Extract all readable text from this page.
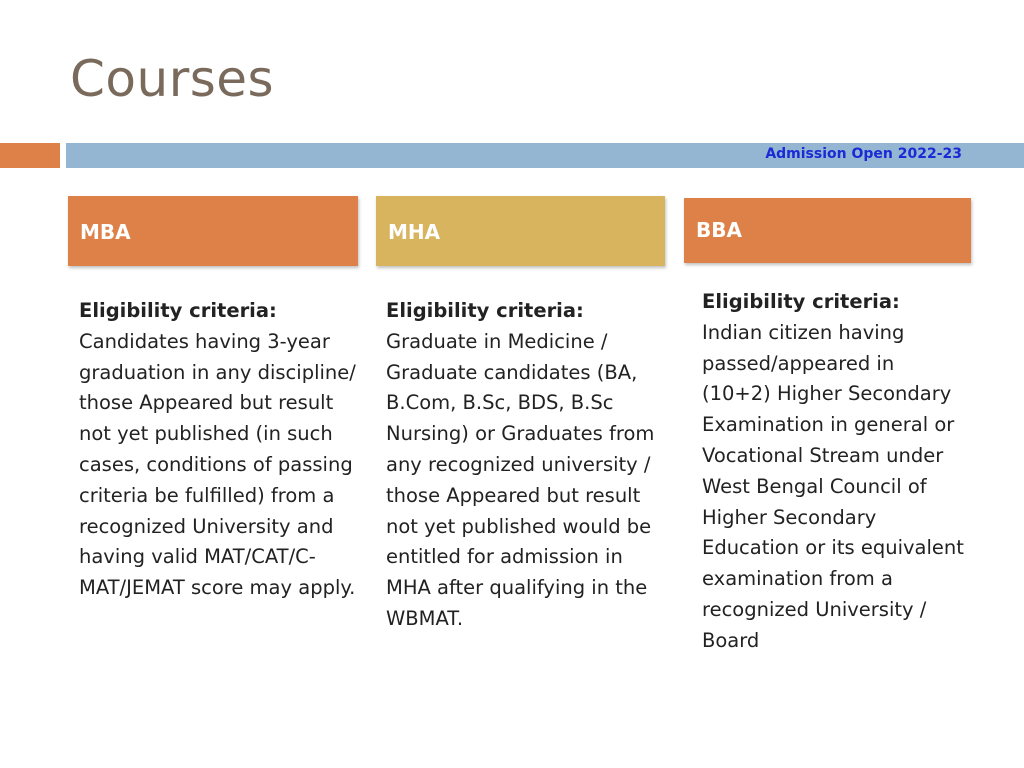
Courses
Admission Open 2022-23
MBA	MHA	BBA
Eligibility criteria:
Candidates having 3-year graduation in any discipline/ those Appeared but result not yet published (in such cases, conditions of passing criteria be fulfilled) from a recognized University and having valid MAT/CAT/C-MAT/JEMAT score may apply.
Eligibility criteria:
Graduate in Medicine / Graduate candidates (BA, B.Com, B.Sc, BDS, B.Sc Nursing) or Graduates from any recognized university / those Appeared but result not yet published would be entitled for admission in MHA after qualifying in the WBMAT.
Eligibility criteria:
Indian citizen having passed/appeared in (10+2) Higher Secondary Examination in general or Vocational Stream under West Bengal Council of Higher Secondary Education or its equivalent examination from a recognized University / Board
